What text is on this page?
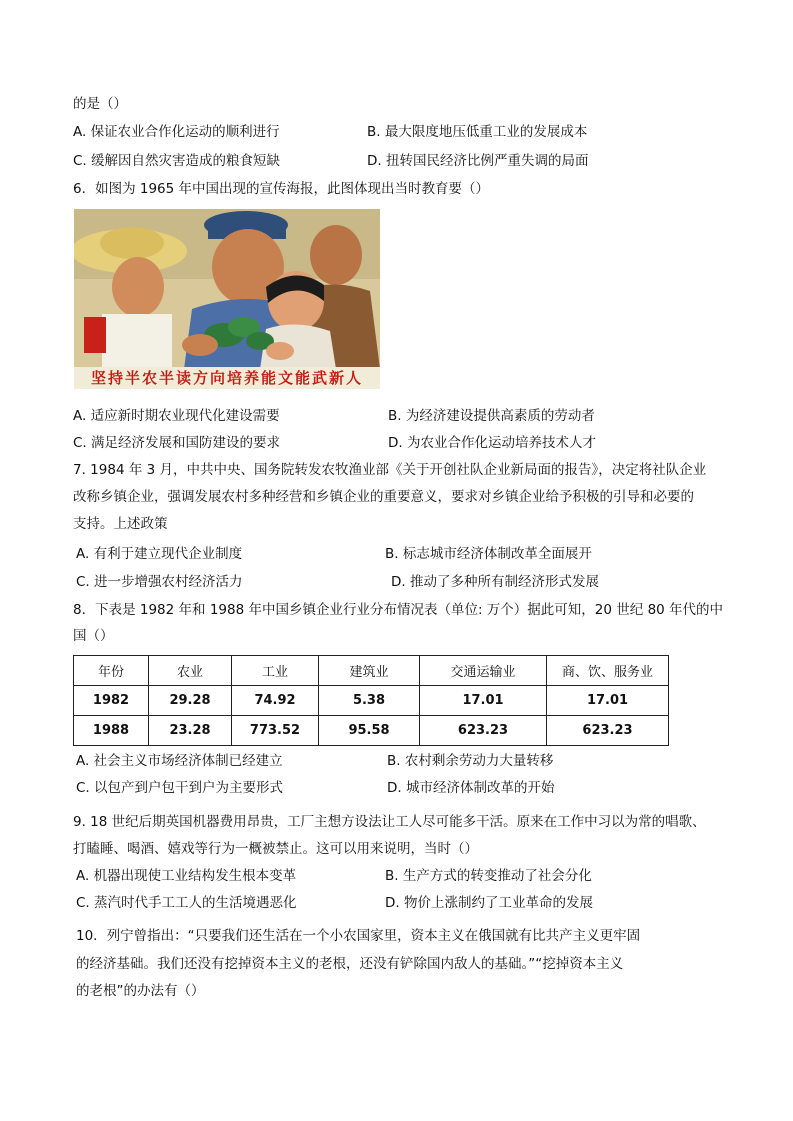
的是（）
A. 保证农业合作化运动的顺利进行	B. 最大限度地压低重工业的发展成本
C. 缓解因自然灾害造成的粮食短缺	D. 扭转国民经济比例严重失调的局面
6．如图为 1965 年中国出现的宣传海报，此图体现出当时教育要（）
坚持半农半读方向培养能文能武新人
A. 适应新时期农业现代化建设需要	B. 为经济建设提供高素质的劳动者
C. 满足经济发展和国防建设的要求	D. 为农业合作化运动培养技术人才
7. 1984 年 3 月，中共中央、国务院转发农牧渔业部《关于开创社队企业新局面的报告》，决定将社队企业
改称乡镇企业，强调发展农村多种经营和乡镇企业的重要意义，要求对乡镇企业给予积极的引导和必要的
支持。上述政策
A. 有利于建立现代企业制度	B. 标志城市经济体制改革全面展开
C. 进一步增强农村经济活力	D. 推动了多种所有制经济形式发展
8．下表是 1982 年和 1988 年中国乡镇企业行业分布情况表（单位: 万个）据此可知，20 世纪 80 年代的中
国（）
年份	农业	工业	建筑业	交通运输业	商、饮、服务业
1982	29.28	74.92	5.38	17.01	17.01
1988	23.28	773.52	95.58	623.23	623.23
A. 社会主义市场经济体制已经建立	B. 农村剩余劳动力大量转移
C. 以包产到户包干到户为主要形式	D. 城市经济体制改革的开始
9. 18 世纪后期英国机器费用昂贵，工厂主想方设法让工人尽可能多干活。原来在工作中习以为常的唱歌、
打瞌睡、喝酒、嬉戏等行为一概被禁止。这可以用来说明，当时（）
A. 机器出现使工业结构发生根本变革	B. 生产方式的转变推动了社会分化
C. 蒸汽时代手工工人的生活境遇恶化	D. 物价上涨制约了工业革命的发展
10．列宁曾指出：“只要我们还生活在一个小农国家里，资本主义在俄国就有比共产主义更牢固
的经济基础。我们还没有挖掉资本主义的老根，还没有铲除国内敌人的基础。”“挖掉资本主义
的老根”的办法有（）
